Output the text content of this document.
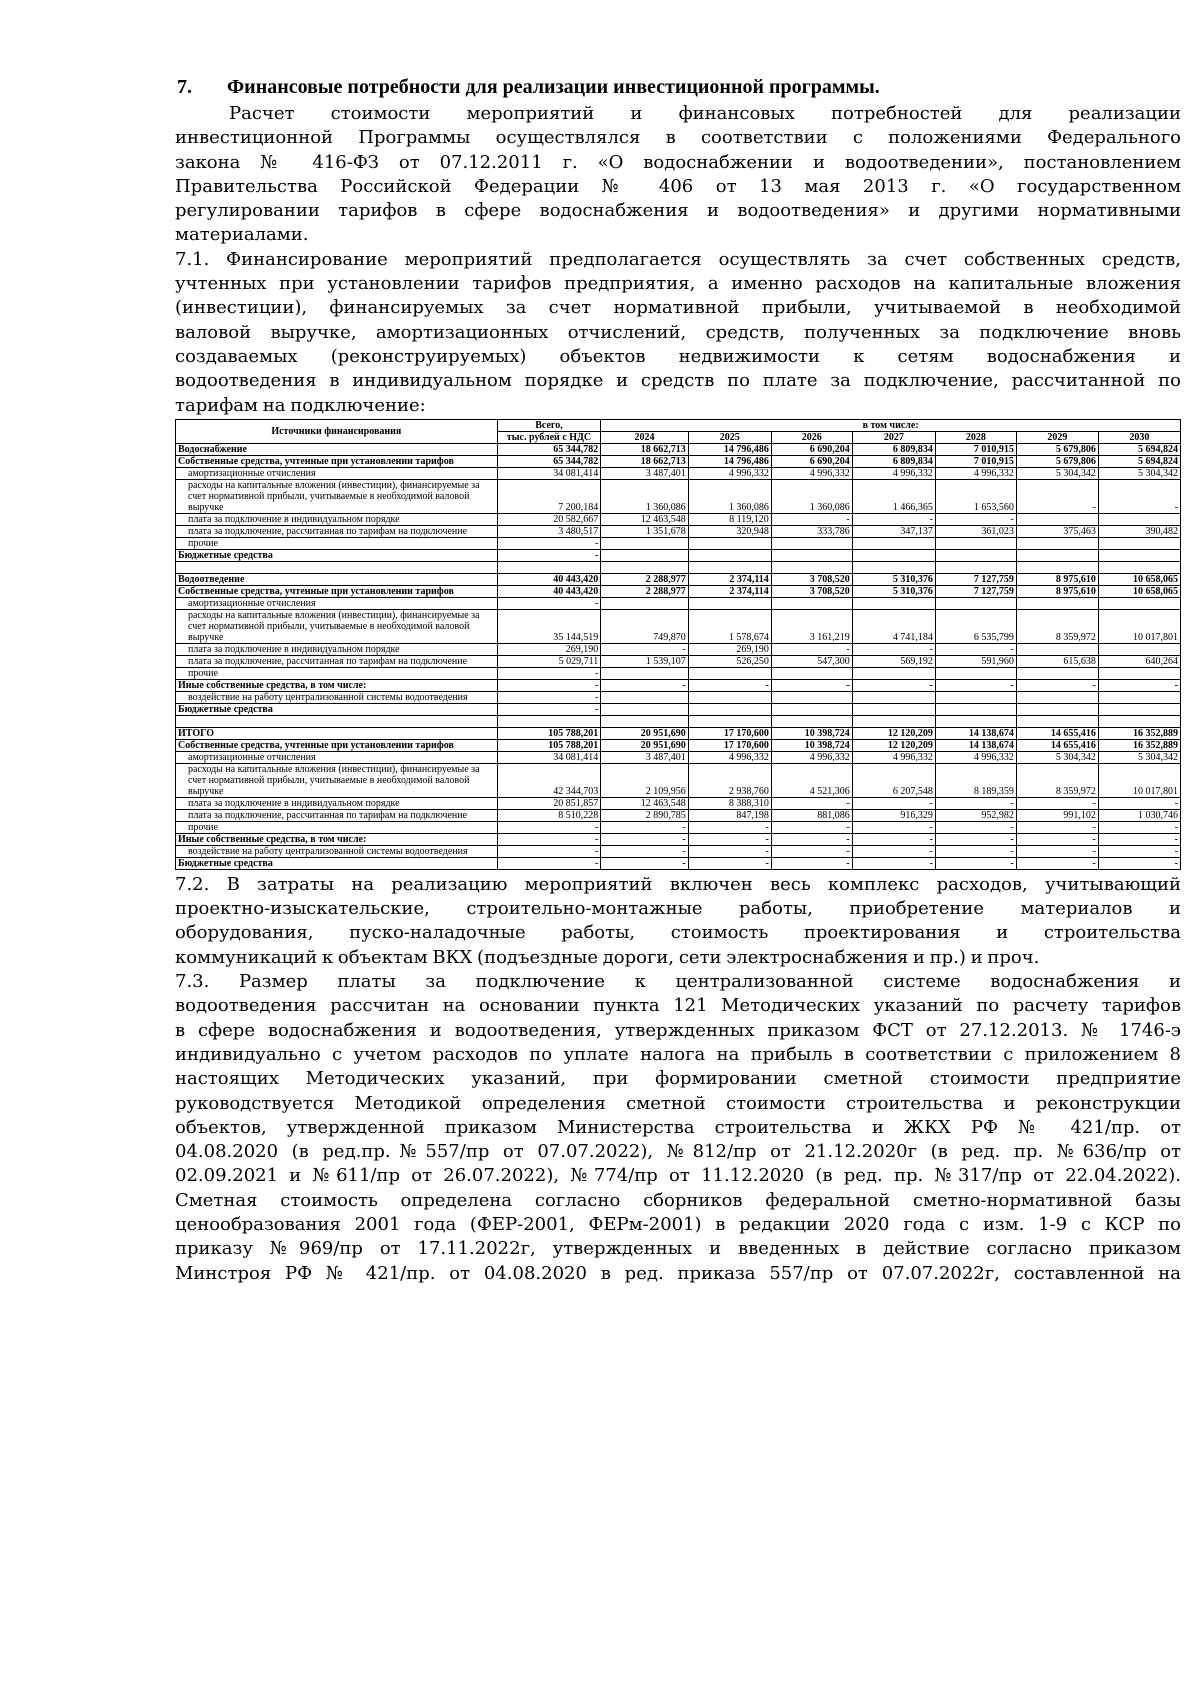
7. Финансовые потребности для реализации инвестиционной программы.
Расчет стоимости мероприятий и финансовых потребностей для реализации
инвестиционной Программы осуществлялся в соответствии с положениями Федерального
закона № 416-ФЗ от 07.12.2011 г. «О водоснабжении и водоотведении», постановлением
Правительства Российской Федерации № 406 от 13 мая 2013 г. «О государственном
регулировании тарифов в сфере водоснабжения и водоотведения» и другими нормативными
материалами.
7.1. Финансирование мероприятий предполагается осуществлять за счет собственных средств,
учтенных при установлении тарифов предприятия, а именно расходов на капитальные вложения
(инвестиции), финансируемых за счет нормативной прибыли, учитываемой в необходимой
валовой выручке, амортизационных отчислений, средств, полученных за подключение вновь
создаваемых (реконструируемых) объектов недвижимости к сетям водоснабжения и
водоотведения в индивидуальном порядке и средств по плате за подключение, рассчитанной по
тарифам на подключение:
Источники финансирования	Всего,	в том числе:						
	тыс. рублей с НДС	2024	2025	2026	2027	2028	2029	2030
Водоснабжение	65 344,782	18 662,713	14 796,486	6 690,204	6 809,834	7 010,915	5 679,806	5 694,824
Собственные средства, учтенные при установлении тарифов	65 344,782	18 662,713	14 796,486	6 690,204	6 809,834	7 010,915	5 679,806	5 694,824
амортизационные отчисления	34 081,414	3 487,401	4 996,332	4 996,332	4 996,332	4 996,332	5 304,342	5 304,342
расходы на капитальные вложения (инвестиции), финансируемые за счет нормативной прибыли, учитываемые в необходимой валовой выручке	7 200,184	1 360,086	1 360,086	1 360,086	1 466,365	1 653,560	-	-
плата за подключение в индивидуальном порядке	20 582,667	12 463,548	8 119,120	-	-	-		
плата за подключение, рассчитанная по тарифам на подключение	3 480,517	1 351,678	320,948	333,786	347,137	361,023	375,463	390,482
прочие	-							
Бюджетные средства	-							

Водоотведение	40 443,420	2 288,977	2 374,114	3 708,520	5 310,376	7 127,759	8 975,610	10 658,065
Собственные средства, учтенные при установлении тарифов	40 443,420	2 288,977	2 374,114	3 708,520	5 310,376	7 127,759	8 975,610	10 658,065
амортизационные отчисления	-							
расходы на капитальные вложения (инвестиции), финансируемые за счет нормативной прибыли, учитываемые в необходимой валовой выручке	35 144,519	749,870	1 578,674	3 161,219	4 741,184	6 535,799	8 359,972	10 017,801
плата за подключение в индивидуальном порядке	269,190	-	269,190	-	-	-		
плата за подключение, рассчитанная по тарифам на подключение	5 029,711	1 539,107	526,250	547,300	569,192	591,960	615,638	640,264
прочие	-							
Иные собственные средства, в том числе:	-	-	-	-	-	-	-	-
воздействие на работу централизованной системы водоотведения	-							
Бюджетные средства	-							

ИТОГО	105 788,201	20 951,690	17 170,600	10 398,724	12 120,209	14 138,674	14 655,416	16 352,889
Собственные средства, учтенные при установлении тарифов	105 788,201	20 951,690	17 170,600	10 398,724	12 120,209	14 138,674	14 655,416	16 352,889
амортизационные отчисления	34 081,414	3 487,401	4 996,332	4 996,332	4 996,332	4 996,332	5 304,342	5 304,342
расходы на капитальные вложения (инвестиции), финансируемые за счет нормативной прибыли, учитываемые в необходимой валовой выручке	42 344,703	2 109,956	2 938,760	4 521,306	6 207,548	8 189,359	8 359,972	10 017,801
плата за подключение в индивидуальном порядке	20 851,857	12 463,548	8 388,310	-	-	-	-	-
плата за подключение, рассчитанная по тарифам на подключение	8 510,228	2 890,785	847,198	881,086	916,329	952,982	991,102	1 030,746
прочие	-	-	-	-	-	-	-	-
Иные собственные средства, в том числе:	-	-	-	-	-	-	-	-
воздействие на работу централизованной системы водоотведения	-	-	-	-	-	-	-	-
Бюджетные средства	-	-	-	-	-	-	-	-
7.2. В затраты на реализацию мероприятий включен весь комплекс расходов, учитывающий
проектно-изыскательские, строительно-монтажные работы, приобретение материалов и
оборудования, пуско-наладочные работы, стоимость проектирования и строительства
коммуникаций к объектам ВКХ (подъездные дороги, сети электроснабжения и пр.) и проч.
7.3. Размер платы за подключение к централизованной системе водоснабжения и
водоотведения рассчитан на основании пункта 121 Методических указаний по расчету тарифов
в сфере водоснабжения и водоотведения, утвержденных приказом ФСТ от 27.12.2013. № 1746-э
индивидуально с учетом расходов по уплате налога на прибыль в соответствии с приложением 8
настоящих Методических указаний, при формировании сметной стоимости предприятие
руководствуется Методикой определения сметной стоимости строительства и реконструкции
объектов, утвержденной приказом Министерства строительства и ЖКХ РФ № 421/пр. от
04.08.2020 (в ред.пр.№557/пр от 07.07.2022), №812/пр от 21.12.2020г (в ред. пр. №636/пр от
02.09.2021 и №611/пр от 26.07.2022), №774/пр от 11.12.2020 (в ред. пр. №317/пр от 22.04.2022).
Сметная стоимость определена согласно сборников федеральной сметно-нормативной базы
ценообразования 2001 года (ФЕР-2001, ФЕРм-2001) в редакции 2020 года с изм. 1-9 с КСР по
приказу №969/пр от 17.11.2022г, утвержденных и введенных в действие согласно приказом
Минстроя РФ № 421/пр. от 04.08.2020 в ред. приказа 557/пр от 07.07.2022г, составленной на
